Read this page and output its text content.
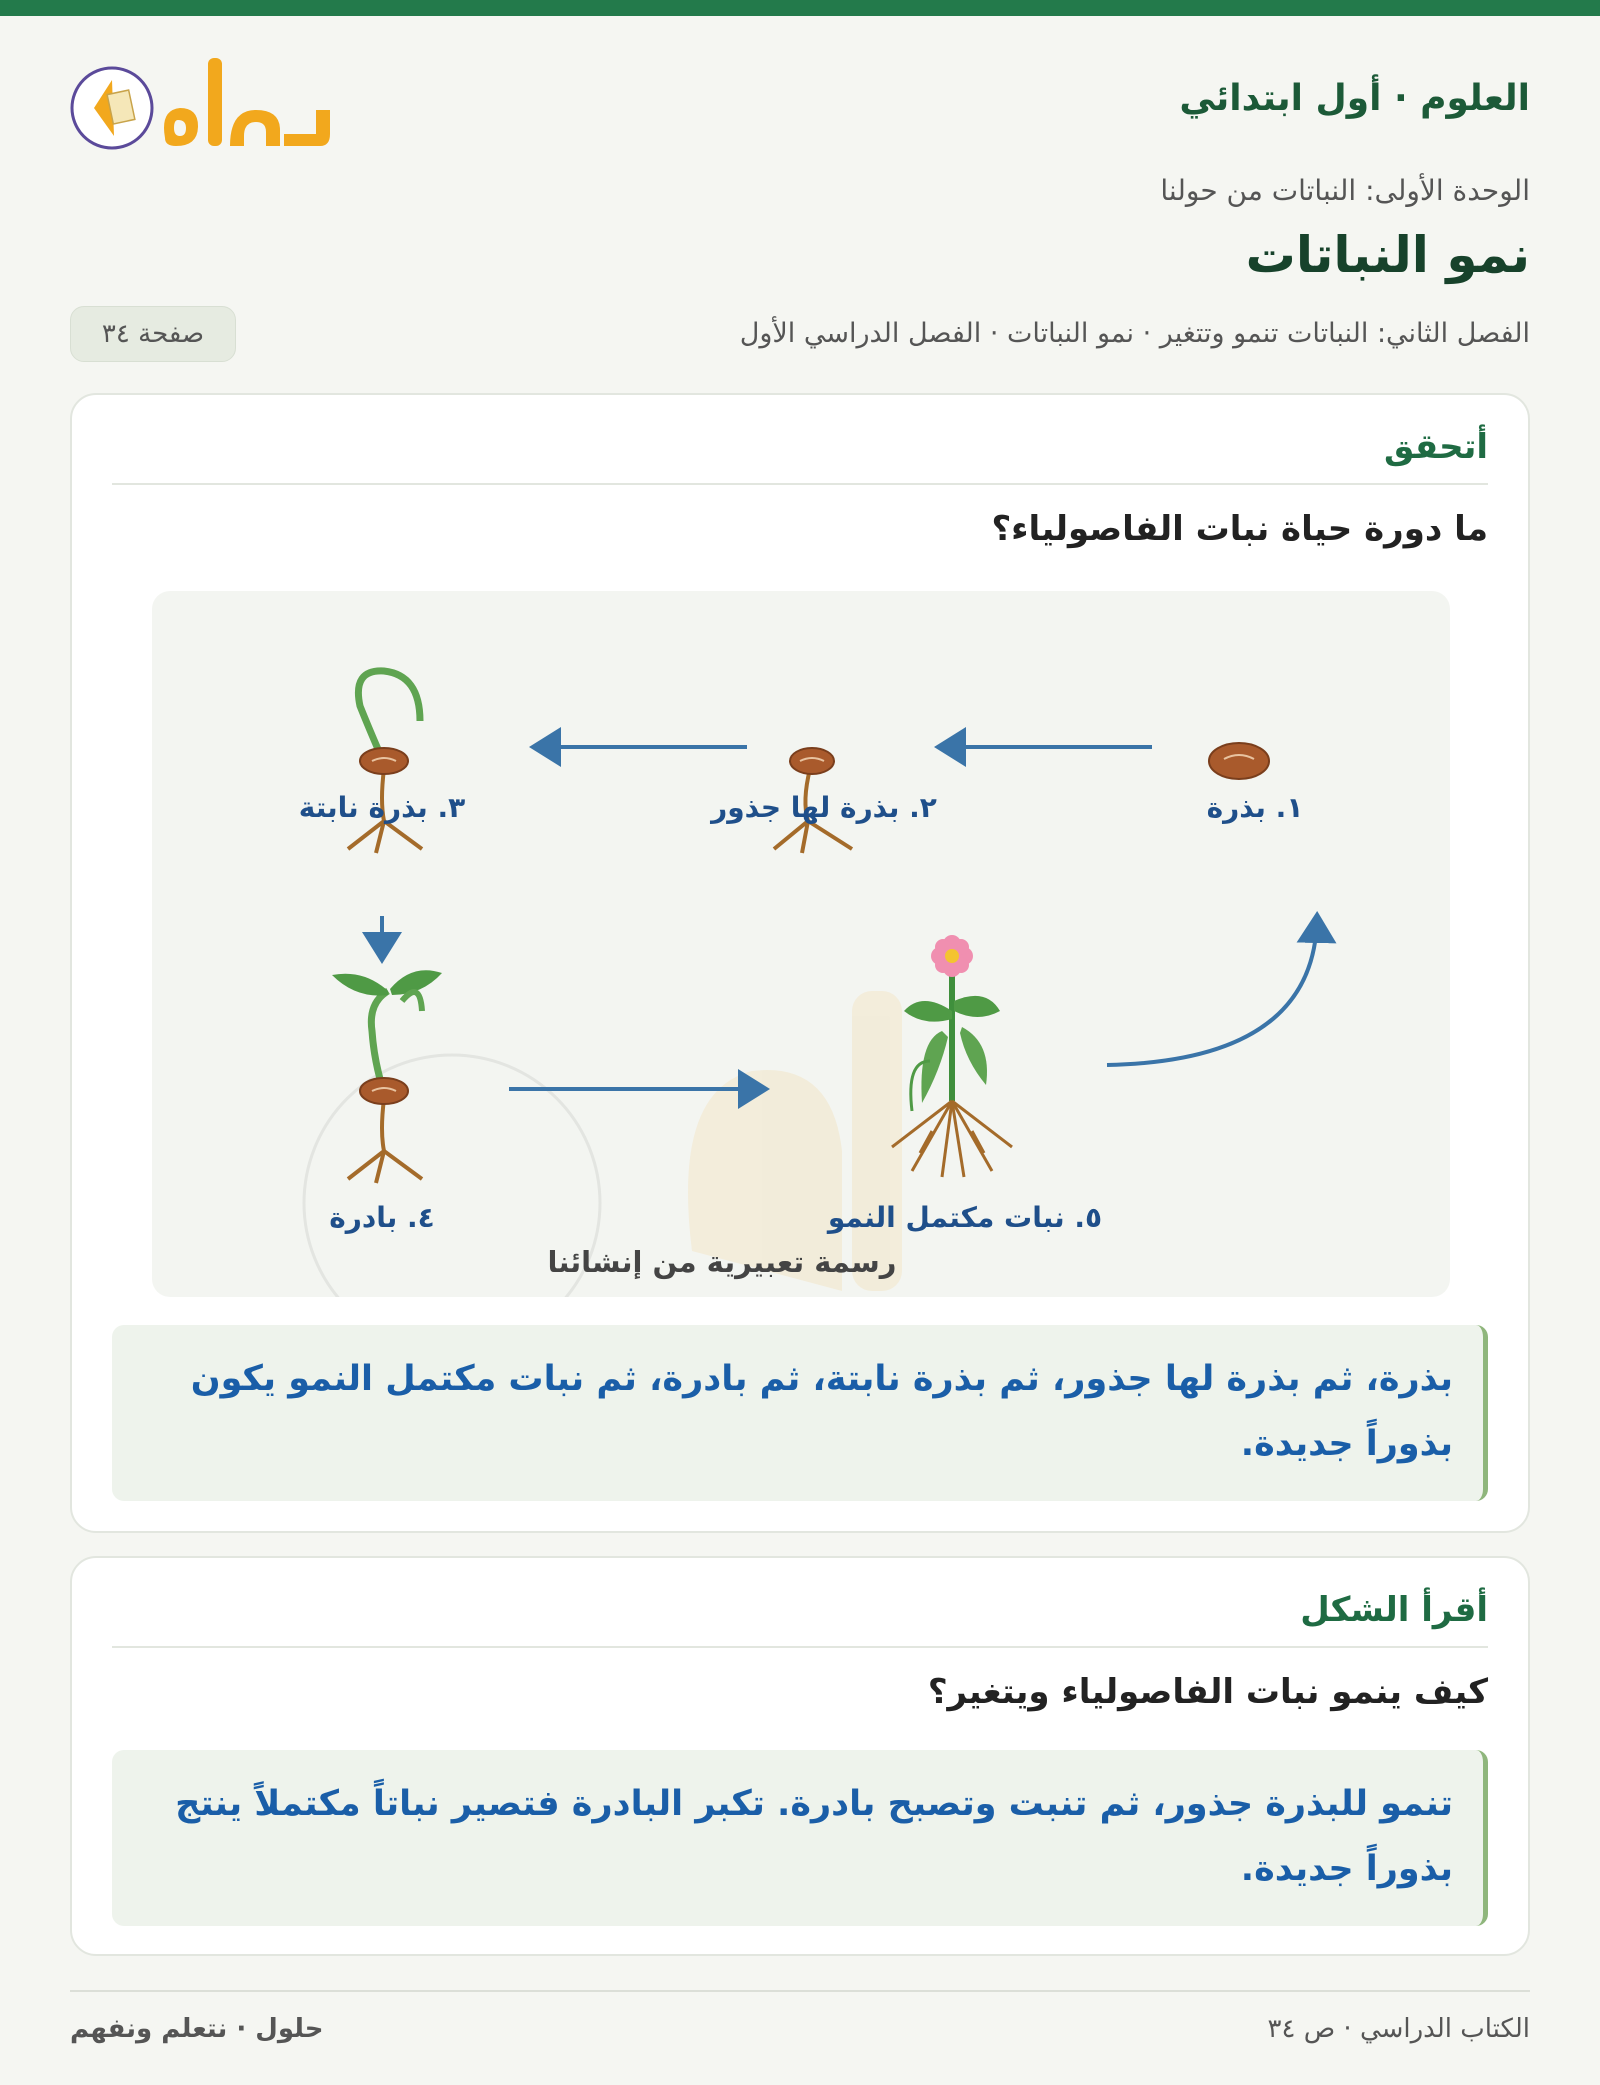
العلوم · أول ابتدائي
الوحدة الأولى: النباتات من حولنا
نمو النباتات
الفصل الثاني: النباتات تنمو وتتغير · نمو النباتات · الفصل الدراسي الأول
صفحة ٣٤
أتحقق
ما دورة حياة نبات الفاصولياء؟
١. بذرة
٢. بذرة لها جذور
٣. بذرة نابتة
٤. بادرة	٥. نبات مكتمل النمو
رسمة تعبيرية من إنشائنا
بذرة، ثم بذرة لها جذور، ثم بذرة نابتة، ثم بادرة، ثم نبات مكتمل النمو يكون بذوراً جديدة.
أقرأ الشكل
كيف ينمو نبات الفاصولياء ويتغير؟
تنمو للبذرة جذور، ثم تنبت وتصبح بادرة. تكبر البادرة فتصير نباتاً مكتملاً ينتج بذوراً جديدة.
حلول · نتعلم ونفهم	الكتاب الدراسي · ص ٣٤
